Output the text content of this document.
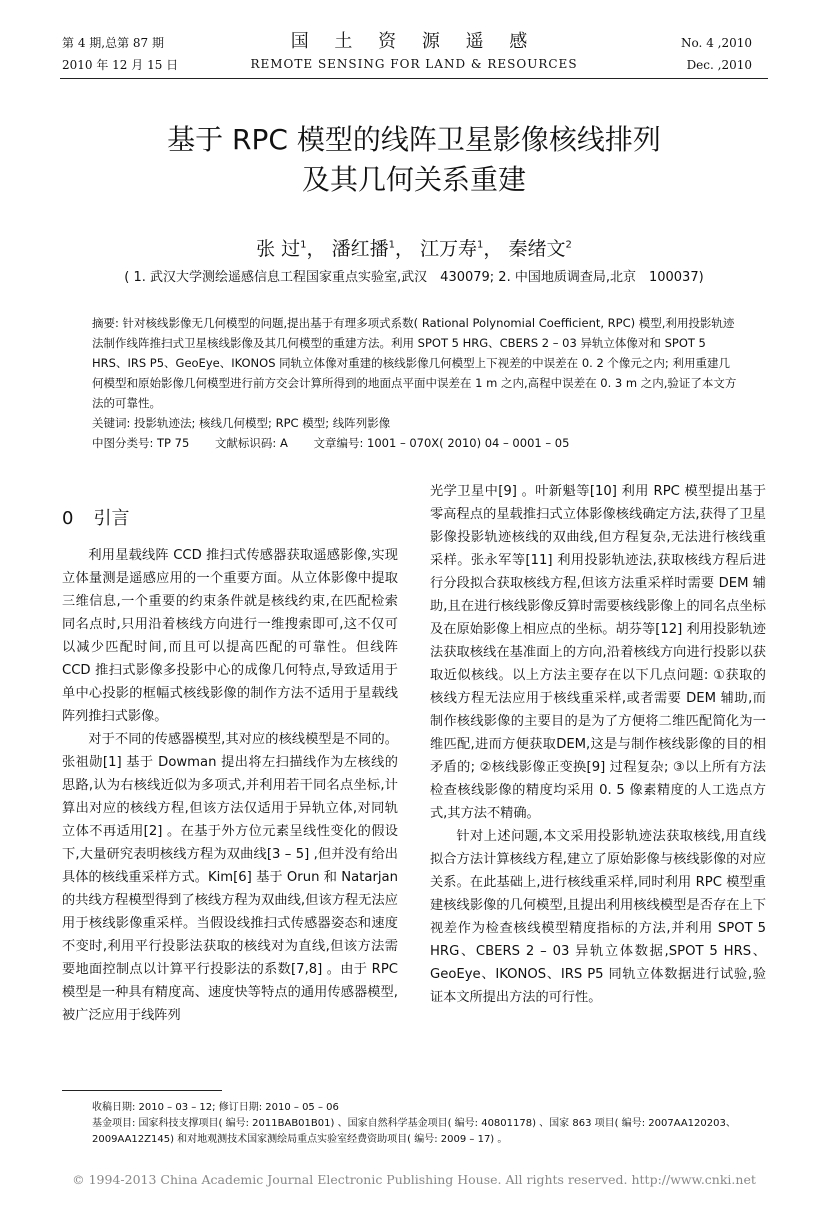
第 4 期,总第 87 期
2010 年 12 月 15 日
国 土 资 源 遥 感
REMOTE SENSING FOR LAND & RESOURCES
No. 4 ,2010
Dec. ,2010
基于 RPC 模型的线阵卫星影像核线排列
及其几何关系重建
张 过$^1$， 潘红播$^1$， 江万寿$^1$， 秦绪文$^2$
( 1. 武汉大学测绘遥感信息工程国家重点实验室,武汉　430079; 2. 中国地质调查局,北京　100037)

摘要: 针对核线影像无几何模型的问题,提出基于有理多项式系数( Rational Polynomial Coefficient, RPC) 模型,利用投影轨迹法制作线阵推扫式卫星核线影像及其几何模型的重建方法。利用 SPOT 5 HRG、CBERS 2 – 03 异轨立体像对和 SPOT 5 HRS、IRS P5、GeoEye、IKONOS 同轨立体像对重建的核线影像几何模型上下视差的中误差在 0. 2 个像元之内; 利用重建几何模型和原始影像几何模型进行前方交会计算所得到的地面点平面中误差在 1 m 之内,高程中误差在 0. 3 m 之内,验证了本文方法的可靠性。

关键词: 投影轨迹法; 核线几何模型; RPC 模型; 线阵列影像

中图分类号: TP 75 文献标识码: A 文章编号: 1001 – 070X( 2010) 04 – 0001 – 05

0 引言

利用星载线阵 CCD 推扫式传感器获取遥感影像,实现立体量测是遥感应用的一个重要方面。从立体影像中提取三维信息,一个重要的约束条件就是核线约束,在匹配检索同名点时,只用沿着核线方向进行一维搜索即可,这不仅可以减少匹配时间,而且可以提高匹配的可靠性。但线阵 CCD 推扫式影像多投影中心的成像几何特点,导致适用于单中心投影的框幅式核线影像的制作方法不适用于星载线阵列推扫式影像。

对于不同的传感器模型,其对应的核线模型是不同的。张祖勋[1] 基于 Dowman 提出将左扫描线作为左核线的思路,认为右核线近似为多项式,并利用若干同名点坐标,计算出对应的核线方程,但该方法仅适用于异轨立体,对同轨立体不再适用[2] 。在基于外方位元素呈线性变化的假设下,大量研究表明核线方程为双曲线[3 – 5] ,但并没有给出具体的核线重采样方式。Kim[6] 基于 Orun 和 Natarjan 的共线方程模型得到了核线方程为双曲线,但该方程无法应用于核线影像重采样。当假设线推扫式传感器姿态和速度不变时,利用平行投影法获取的核线对为直线,但该方法需要地面控制点以计算平行投影法的系数[7,8] 。由于 RPC 模型是一种具有精度高、速度快等特点的通用传感器模型,被广泛应用于线阵列

光学卫星中[9] 。叶新魁等[10] 利用 RPC 模型提出基于零高程点的星载推扫式立体影像核线确定方法,获得了卫星影像投影轨迹核线的双曲线,但方程复杂,无法进行核线重采样。张永军等[11] 利用投影轨迹法,获取核线方程后进行分段拟合获取核线方程,但该方法重采样时需要 DEM 辅助,且在进行核线影像反算时需要核线影像上的同名点坐标及在原始影像上相应点的坐标。胡芬等[12] 利用投影轨迹法获取核线在基准面上的方向,沿着核线方向进行投影以获取近似核线。以上方法主要存在以下几点问题: ①获取的核线方程无法应用于核线重采样,或者需要 DEM 辅助,而制作核线影像的主要目的是为了方便将二维匹配简化为一维匹配,进而方便获取DEM,这是与制作核线影像的目的相矛盾的; ②核线影像正变换[9] 过程复杂; ③以上所有方法检查核线影像的精度均采用 0. 5 像素精度的人工选点方式,其方法不精确。

针对上述问题,本文采用投影轨迹法获取核线,用直线拟合方法计算核线方程,建立了原始影像与核线影像的对应关系。在此基础上,进行核线重采样,同时利用 RPC 模型重建核线影像的几何模型,且提出利用核线模型是否存在上下视差作为检查核线模型精度指标的方法,并利用 SPOT 5 HRG、CBERS 2 – 03 异轨立体数据,SPOT 5 HRS、GeoEye、IKONOS、IRS P5 同轨立体数据进行试验,验证本文所提出方法的可行性。

收稿日期: 2010 – 03 – 12; 修订日期: 2010 – 05 – 06

基金项目: 国家科技支撑项目( 编号: 2011BAB01B01) 、国家自然科学基金项目( 编号: 40801178) 、国家 863 项目( 编号: 2007AA120203、2009AA12Z145) 和对地观测技术国家测绘局重点实验室经费资助项目( 编号: 2009 – 17) 。

© 1994-2013 China Academic Journal Electronic Publishing House. All rights reserved. http://www.cnki.net
